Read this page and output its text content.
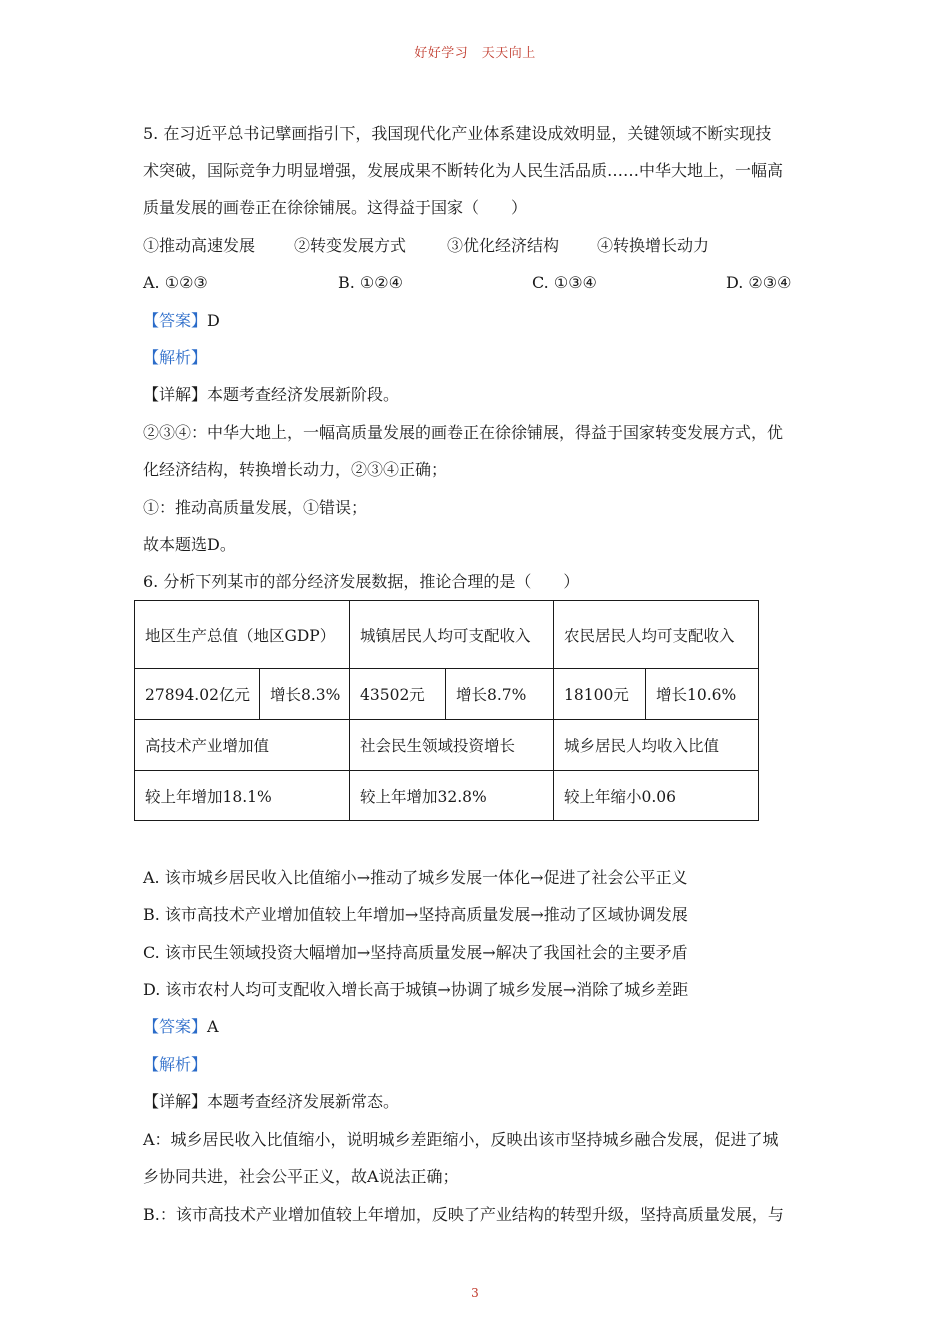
好好学习　天天向上
5. 在习近平总书记擘画指引下，我国现代化产业体系建设成效明显，关键领域不断实现技
术突破，国际竞争力明显增强，发展成果不断转化为人民生活品质……中华大地上，一幅高
质量发展的画卷正在徐徐铺展。这得益于国家（　　）
①推动高速发展 ②转变发展方式	③优化经济结构 ④转换增长动力
A. ①②③	B. ①②④	C. ①③④	D. ②③④
【答案】D
【解析】
【详解】本题考查经济发展新阶段。
②③④：中华大地上，一幅高质量发展的画卷正在徐徐铺展，得益于国家转变发展方式，优
化经济结构，转换增长动力，②③④正确；
①：推动高质量发展，①错误；
故本题选D。
6. 分析下列某市的部分经济发展数据，推论合理的是（　　）
地区生产总值（地区GDP）		城镇居民人均可支配收入		农民居民人均可支配收入	
27894.02亿元	增长8.3%	43502元	增长8.7%	18100元	增长10.6%
高技术产业增加值		社会民生领域投资增长		城乡居民人均收入比值	
较上年增加18.1%		较上年增加32.8%		较上年缩小0.06	
A. 该市城乡居民收入比值缩小→推动了城乡发展一体化→促进了社会公平正义
B. 该市高技术产业增加值较上年增加→坚持高质量发展→推动了区域协调发展
C. 该市民生领域投资大幅增加→坚持高质量发展→解决了我国社会的主要矛盾
D. 该市农村人均可支配收入增长高于城镇→协调了城乡发展→消除了城乡差距
【答案】A
【解析】
【详解】本题考查经济发展新常态。
A：城乡居民收入比值缩小，说明城乡差距缩小，反映出该市坚持城乡融合发展，促进了城
乡协同共进，社会公平正义，故A说法正确；
B.：该市高技术产业增加值较上年增加，反映了产业结构的转型升级，坚持高质量发展，与
3
